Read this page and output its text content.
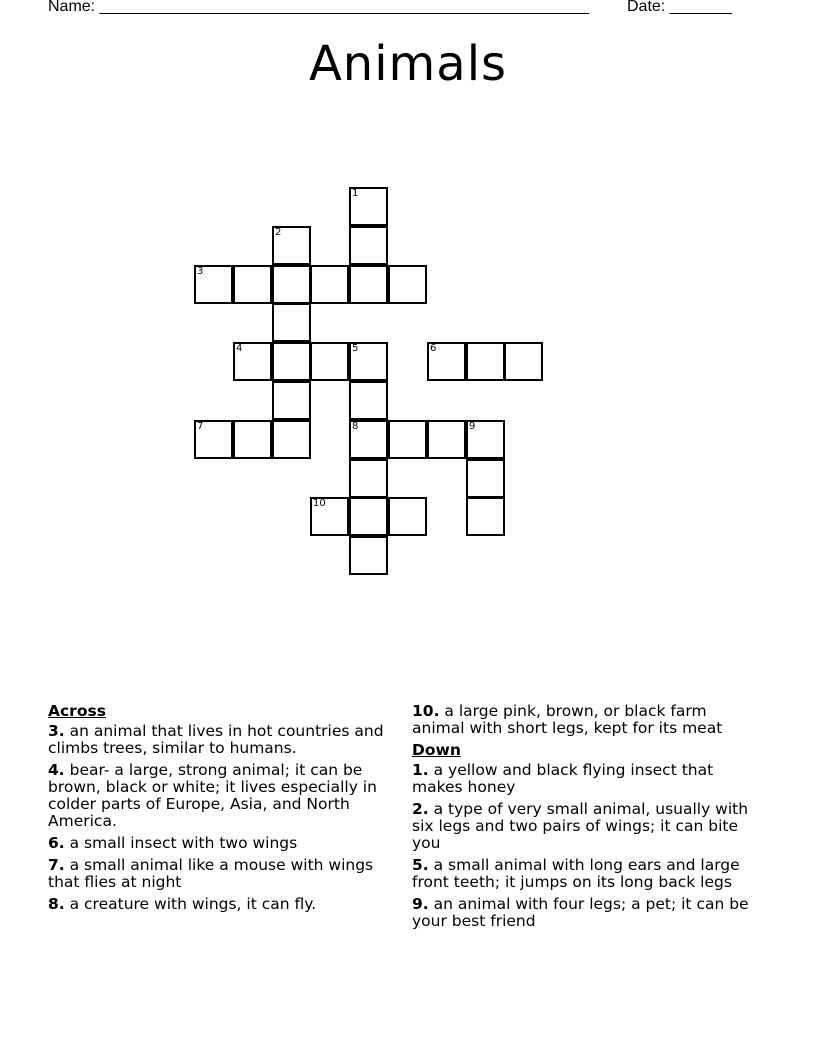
Name: _______________________________________________________ Date: _______
Animals
1
2
3
4	5	6
7	8	9
10
Across
3. an animal that lives in hot countries and climbs trees, similar to humans.
4. bear- a large, strong animal; it can be brown, black or white; it lives especially in colder parts of Europe, Asia, and North America.
6. a small insect with two wings
7. a small animal like a mouse with wings that flies at night
8. a creature with wings, it can fly.
10. a large pink, brown, or black farm animal with short legs, kept for its meat
Down
1. a yellow and black flying insect that makes honey
2. a type of very small animal, usually with six legs and two pairs of wings; it can bite you
5. a small animal with long ears and large front teeth; it jumps on its long back legs
9. an animal with four legs; a pet; it can be your best friend
